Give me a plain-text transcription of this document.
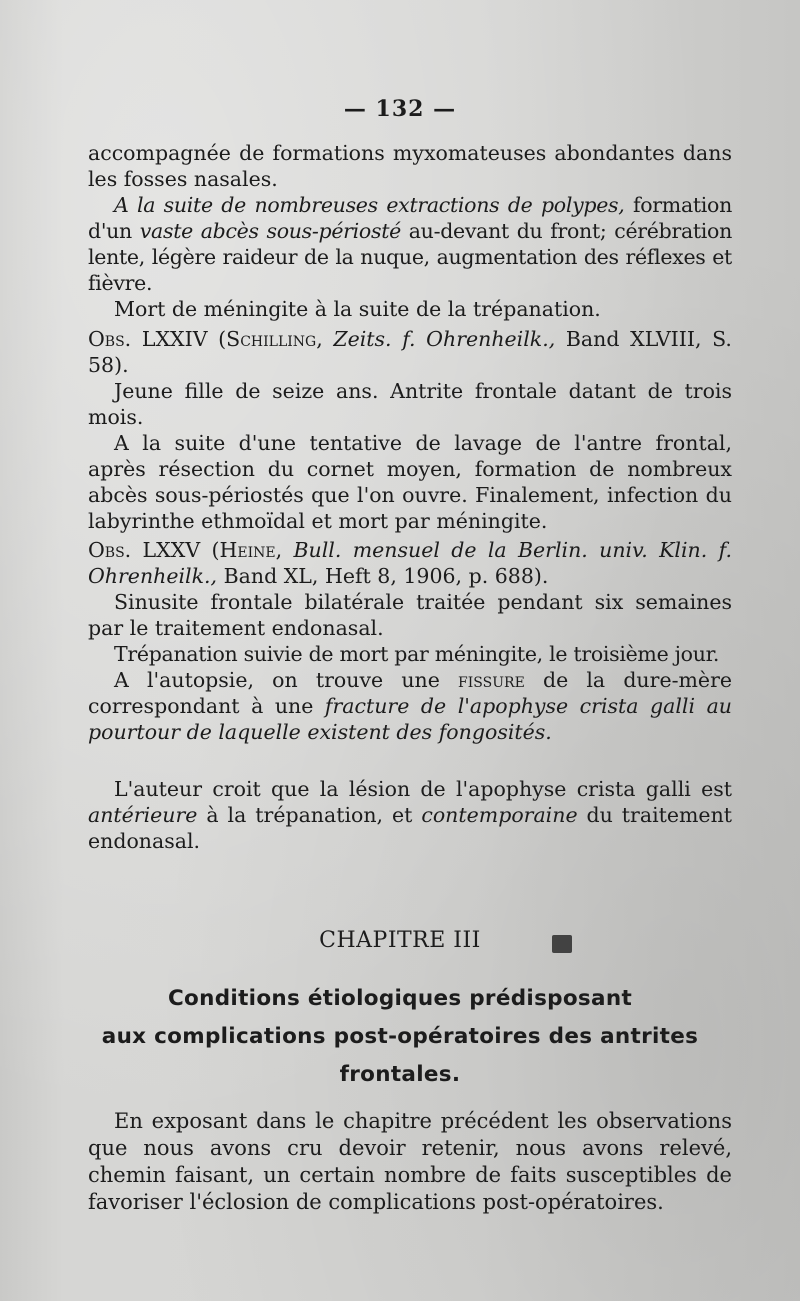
— 132 —

accompagnée de formations myxomateuses abondantes dans les fosses nasales.

A la suite de nombreuses extractions de polypes, formation d'un vaste abcès sous-périosté au-devant du front; cérébration lente, légère raideur de la nuque, augmentation des réflexes et fièvre.

Mort de méningite à la suite de la trépanation.

Obs. LXXIV (Schilling, Zeits. f. Ohrenheilk., Band XLVIII, S. 58).

Jeune fille de seize ans. Antrite frontale datant de trois mois.

A la suite d'une tentative de lavage de l'antre frontal, après résection du cornet moyen, formation de nombreux abcès sous-périostés que l'on ouvre. Finalement, infection du labyrinthe ethmoïdal et mort par méningite.

Obs. LXXV (Heine, Bull. mensuel de la Berlin. univ. Klin. f. Ohrenheilk., Band XL, Heft 8, 1906, p. 688).

Sinusite frontale bilatérale traitée pendant six semaines par le traitement endonasal.

Trépanation suivie de mort par méningite, le troisième jour.

A l'autopsie, on trouve une fissure de la dure-mère correspondant à une fracture de l'apophyse crista galli au pourtour de laquelle existent des fongosités.

L'auteur croit que la lésion de l'apophyse crista galli est antérieure à la trépanation, et contemporaine du traitement endonasal.

CHAPITRE III
Conditions étiologiques prédisposant
aux complications post-opératoires des antrites
frontales.

En exposant dans le chapitre précédent les observations que nous avons cru devoir retenir, nous avons relevé, chemin faisant, un certain nombre de faits susceptibles de favoriser l'éclosion de complications post-opératoires.
